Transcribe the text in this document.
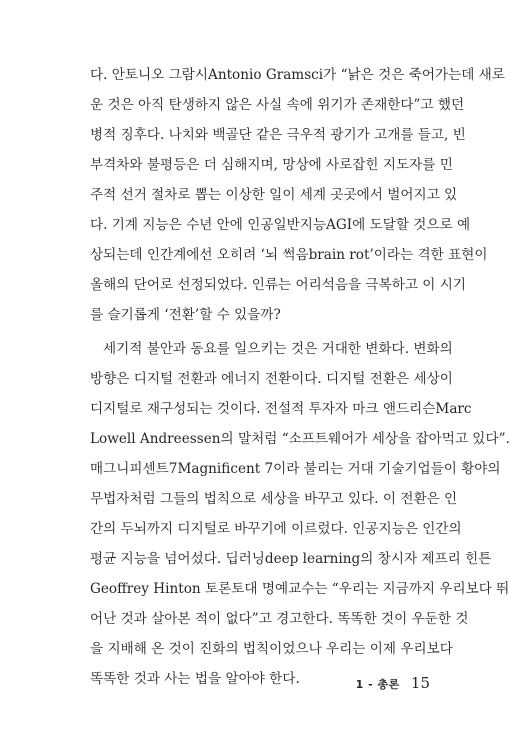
다. 안토니오 그람시Antonio Gramsci가 “낡은 것은 죽어가는데 새로
운 것은 아직 탄생하지 않은 사실 속에 위기가 존재한다”고 했던
병적 징후다. 나치와 백골단 같은 극우적 광기가 고개를 들고, 빈
부격차와 불평등은 더 심해지며, 망상에 사로잡힌 지도자를 민
주적 선거 절차로 뽑는 이상한 일이 세계 곳곳에서 벌어지고 있
다. 기계 지능은 수년 안에 인공일반지능AGI에 도달할 것으로 예
상되는데 인간계에선 오히려 ‘뇌 썩음brain rot’이라는 격한 표현이
올해의 단어로 선정되었다. 인류는 어리석음을 극복하고 이 시기
를 슬기롭게 ‘전환’할 수 있을까?
세기적 불안과 동요를 일으키는 것은 거대한 변화다. 변화의
방향은 디지털 전환과 에너지 전환이다. 디지털 전환은 세상이
디지털로 재구성되는 것이다. 전설적 투자자 마크 앤드리슨Marc
Lowell Andreessen의 말처럼 “소프트웨어가 세상을 잡아먹고 있다”.
매그니피센트7Magnificent 7이라 불리는 거대 기술기업들이 황야의
무법자처럼 그들의 법칙으로 세상을 바꾸고 있다. 이 전환은 인
간의 두뇌까지 디지털로 바꾸기에 이르렀다. 인공지능은 인간의
평균 지능을 넘어섰다. 딥러닝deep learning의 창시자 제프리 힌튼
Geoffrey Hinton 토론토대 명예교수는 “우리는 지금까지 우리보다 뛰
어난 것과 살아본 적이 없다”고 경고한다. 똑똑한 것이 우둔한 것
을 지배해 온 것이 진화의 법칙이었으나 우리는 이제 우리보다
똑똑한 것과 사는 법을 알아야 한다.	1 - 총론 15
